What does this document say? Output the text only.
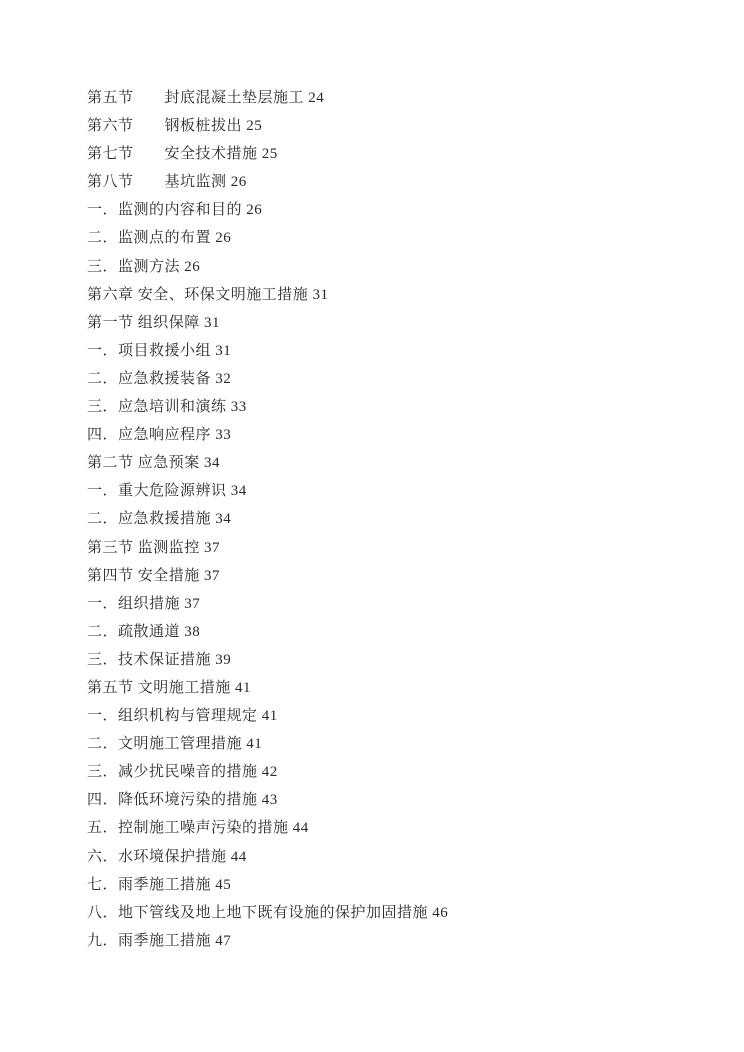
第五节　　封底混凝土垫层施工 24

第六节　　钢板桩拔出 25

第七节　　安全技术措施 25

第八节　　基坑监测 26

一．监测的内容和目的 26

二．监测点的布置 26

三．监测方法 26

第六章 安全、环保文明施工措施 31

第一节 组织保障 31

一．项目救援小组 31

二．应急救援装备 32

三．应急培训和演练 33

四．应急响应程序 33

第二节 应急预案 34

一．重大危险源辨识 34

二．应急救援措施 34

第三节 监测监控 37

第四节 安全措施 37

一．组织措施 37

二．疏散通道 38

三．技术保证措施 39

第五节 文明施工措施 41

一．组织机构与管理规定 41

二．文明施工管理措施 41

三．减少扰民噪音的措施 42

四．降低环境污染的措施 43

五．控制施工噪声污染的措施 44

六．水环境保护措施 44

七．雨季施工措施 45

八．地下管线及地上地下既有设施的保护加固措施 46

九．雨季施工措施 47
